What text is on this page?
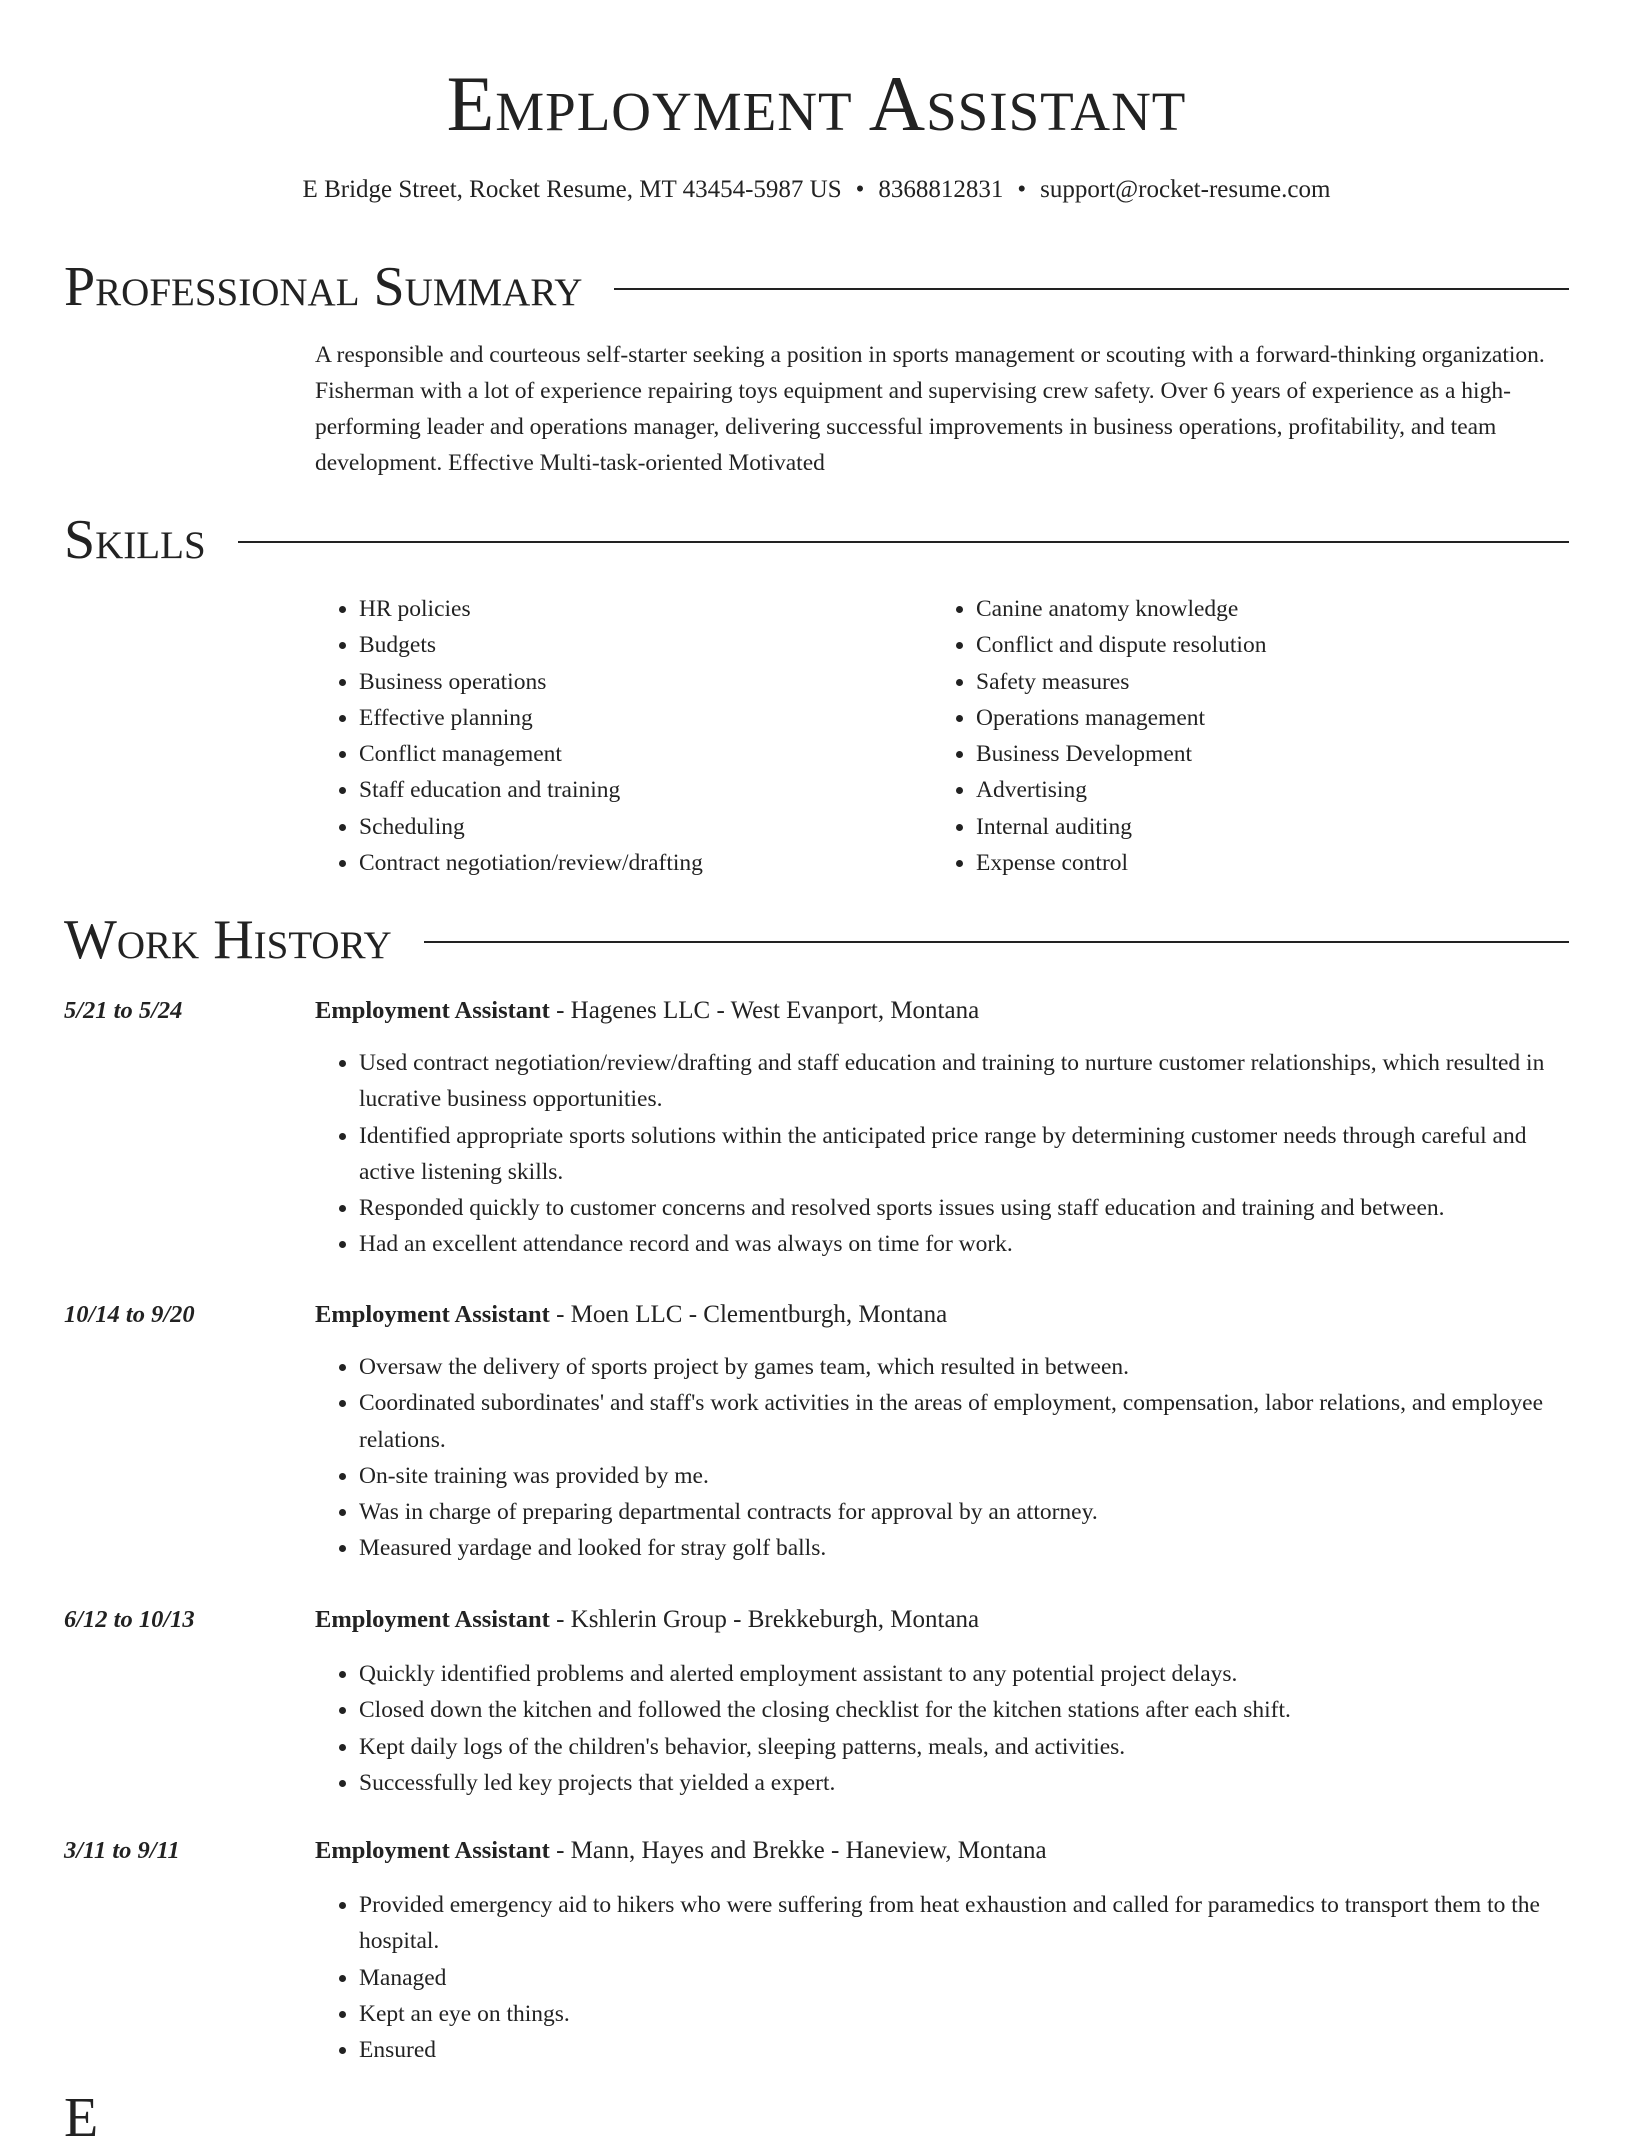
Employment Assistant
E Bridge Street, Rocket Resume, MT 43454-5987 US • 8368812831 • support@rocket-resume.com
Professional Summary

A responsible and courteous self-starter seeking a position in sports management or scouting with a forward-thinking organization. Fisherman with a lot of experience repairing toys equipment and supervising crew safety. Over 6 years of experience as a high-performing leader and operations manager, delivering successful improvements in business operations, profitability, and team development. Effective Multi-task-oriented Motivated

Skills
• HR policies
• Budgets
• Business operations
• Effective planning
• Conflict management
• Staff education and training
• Scheduling
• Contract negotiation/review/drafting
• Canine anatomy knowledge
• Conflict and dispute resolution
• Safety measures
• Operations management
• Business Development
• Advertising
• Internal auditing
• Expense control
Work History
5/21 to 5/24	Employment Assistant - Hagenes LLC - West Evanport, Montana
• Used contract negotiation/review/drafting and staff education and training to nurture customer relationships, which resulted in lucrative business opportunities.
• Identified appropriate sports solutions within the anticipated price range by determining customer needs through careful and active listening skills.
• Responded quickly to customer concerns and resolved sports issues using staff education and training and between.
• Had an excellent attendance record and was always on time for work.
10/14 to 9/20	Employment Assistant - Moen LLC - Clementburgh, Montana
• Oversaw the delivery of sports project by games team, which resulted in between.
• Coordinated subordinates' and staff's work activities in the areas of employment, compensation, labor relations, and employee relations.
• On-site training was provided by me.
• Was in charge of preparing departmental contracts for approval by an attorney.
• Measured yardage and looked for stray golf balls.
6/12 to 10/13	Employment Assistant - Kshlerin Group - Brekkeburgh, Montana
• Quickly identified problems and alerted employment assistant to any potential project delays.
• Closed down the kitchen and followed the closing checklist for the kitchen stations after each shift.
• Kept daily logs of the children's behavior, sleeping patterns, meals, and activities.
• Successfully led key projects that yielded a expert.
3/11 to 9/11	Employment Assistant - Mann, Hayes and Brekke - Haneview, Montana
• Provided emergency aid to hikers who were suffering from heat exhaustion and called for paramedics to transport them to the hospital.
• Managed
• Kept an eye on things.
• Ensured
E
